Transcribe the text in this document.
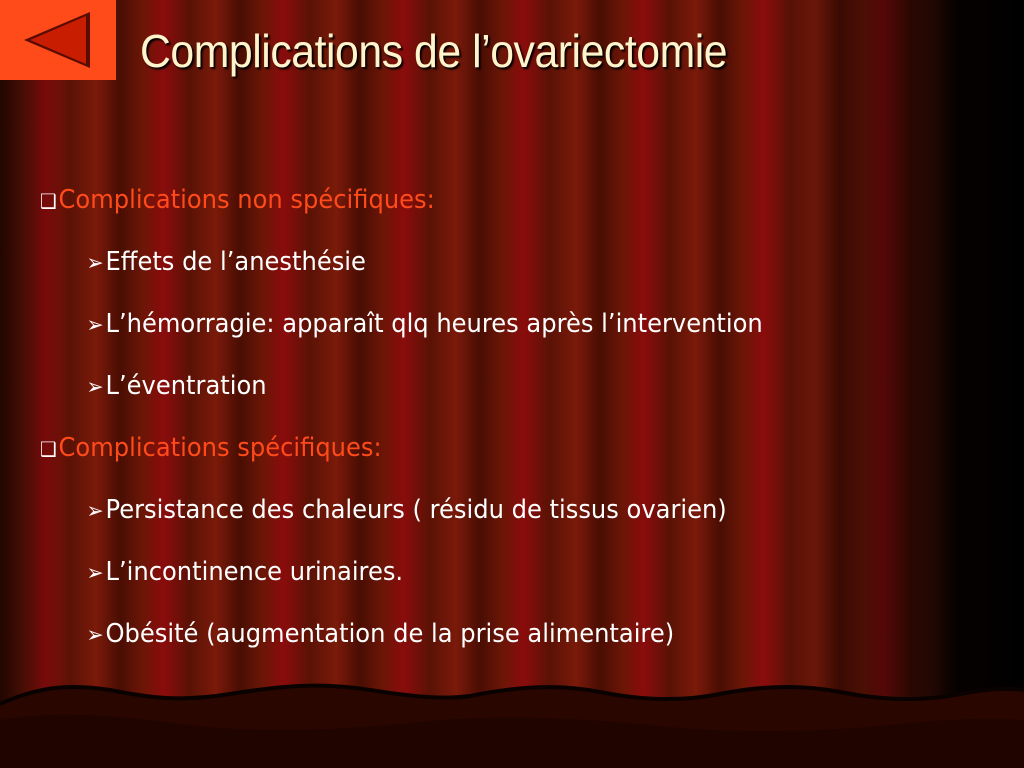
Complications de l’ovariectomie
❑Complications non spécifiques:
➢Effets de l’anesthésie
➢L’hémorragie: apparaît qlq heures après l’intervention
➢L’éventration
❑Complications spécifiques:
➢Persistance des chaleurs ( résidu de tissus ovarien)
➢L’incontinence urinaires.
➢Obésité (augmentation de la prise alimentaire)
